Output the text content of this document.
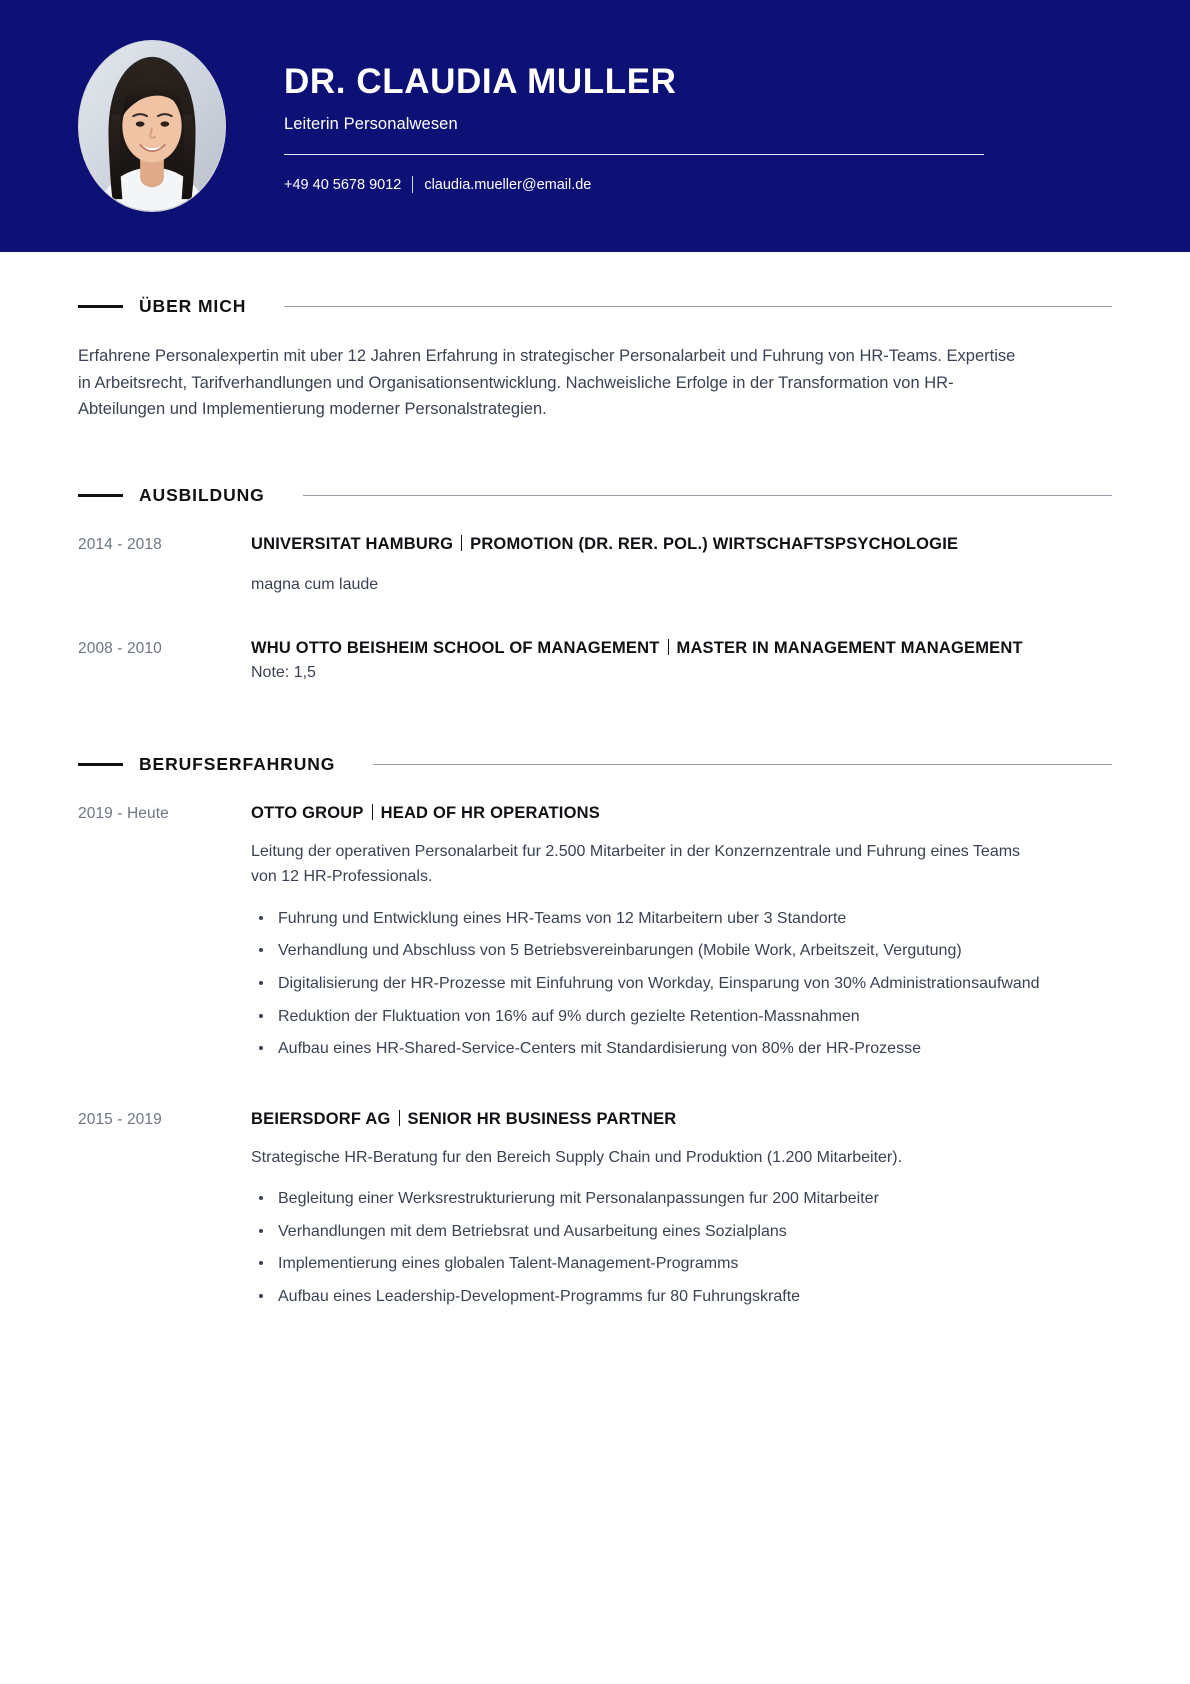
DR. CLAUDIA MULLER
Leiterin Personalwesen
+49 40 5678 9012 claudia.mueller@email.de
ÜBER MICH

Erfahrene Personalexpertin mit uber 12 Jahren Erfahrung in strategischer Personalarbeit und Fuhrung von HR-Teams. Expertise in Arbeitsrecht, Tarifverhandlungen und Organisationsentwicklung. Nachweisliche Erfolge in der Transformation von HR-Abteilungen und Implementierung moderner Personalstrategien.

AUSBILDUNG
2014 - 2018	UNIVERSITAT HAMBURG PROMOTION (DR. RER. POL.) WIRTSCHAFTSPSYCHOLOGIE
magna cum laude
2008 - 2010	WHU OTTO BEISHEIM SCHOOL OF MANAGEMENT MASTER IN MANAGEMENT MANAGEMENT
Note: 1,5
BERUFSERFAHRUNG
2019 - Heute	OTTO GROUP HEAD OF HR OPERATIONS

Leitung der operativen Personalarbeit fur 2.500 Mitarbeiter in der Konzernzentrale und Fuhrung eines Teams von 12 HR-Professionals.

Fuhrung und Entwicklung eines HR-Teams von 12 Mitarbeitern uber 3 Standorte
Verhandlung und Abschluss von 5 Betriebsvereinbarungen (Mobile Work, Arbeitszeit, Vergutung)
Digitalisierung der HR-Prozesse mit Einfuhrung von Workday, Einsparung von 30% Administrationsaufwand
Reduktion der Fluktuation von 16% auf 9% durch gezielte Retention-Massnahmen
Aufbau eines HR-Shared-Service-Centers mit Standardisierung von 80% der HR-Prozesse
2015 - 2019	BEIERSDORF AG SENIOR HR BUSINESS PARTNER

Strategische HR-Beratung fur den Bereich Supply Chain und Produktion (1.200 Mitarbeiter).

Begleitung einer Werksrestrukturierung mit Personalanpassungen fur 200 Mitarbeiter
Verhandlungen mit dem Betriebsrat und Ausarbeitung eines Sozialplans
Implementierung eines globalen Talent-Management-Programms
Aufbau eines Leadership-Development-Programms fur 80 Fuhrungskrafte
